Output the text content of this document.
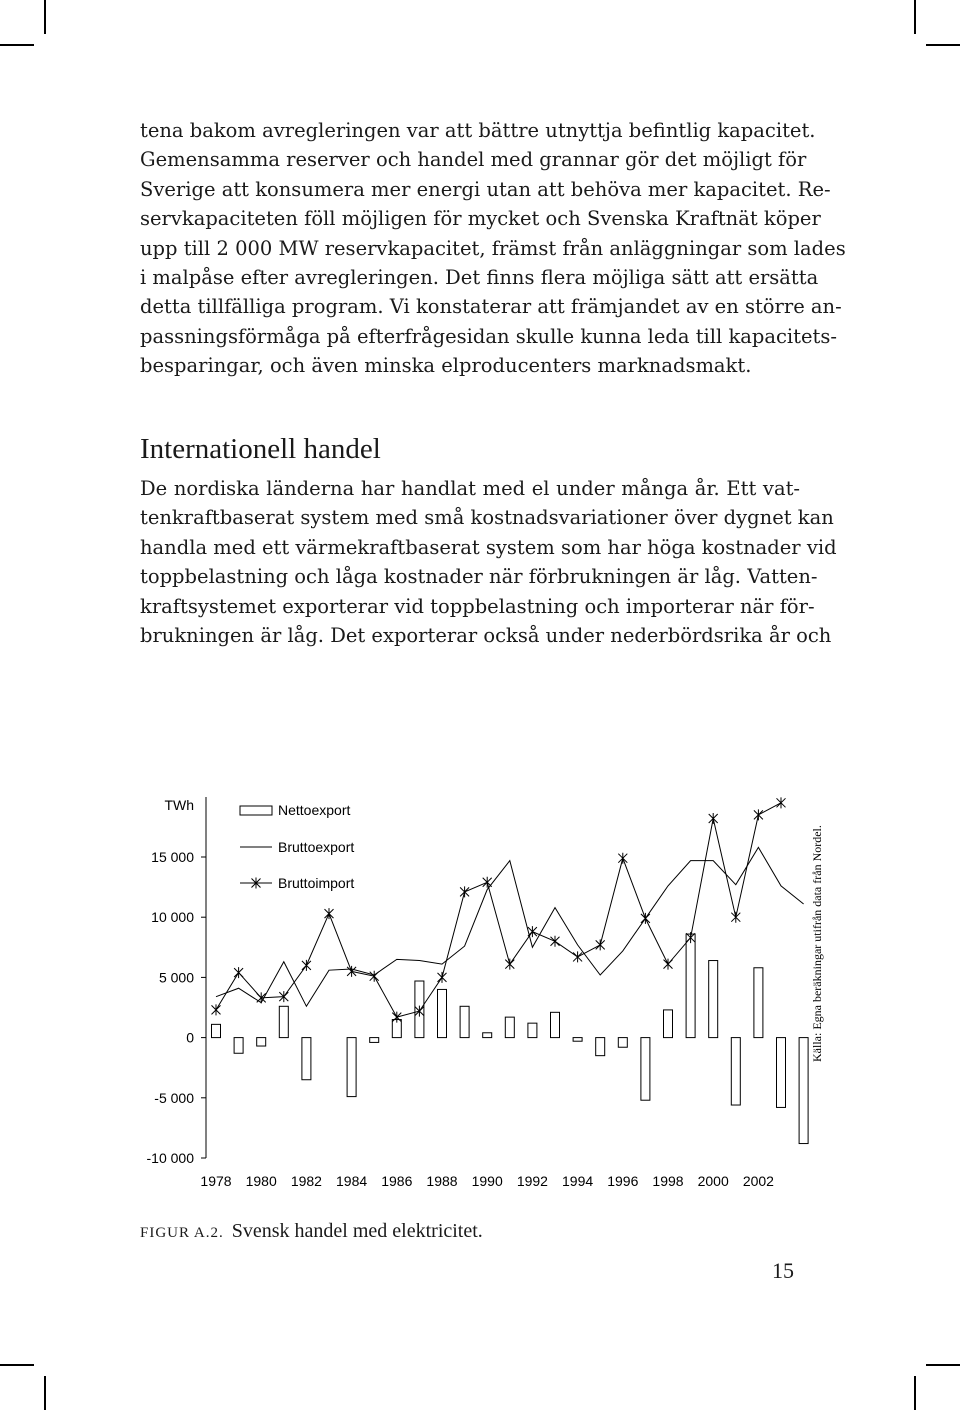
tena bakom avregleringen var att bättre utnyttja befintlig kapacitet.
Gemensamma reserver och handel med grannar gör det möjligt för
Sverige att konsumera mer energi utan att behöva mer kapacitet. Re-
servkapaciteten föll möjligen för mycket och Svenska Kraftnät köper
upp till 2 000 MW reservkapacitet, främst från anläggningar som lades
i malpåse efter avregleringen. Det finns flera möjliga sätt att ersätta
detta tillfälliga program. Vi konstaterar att främjandet av en större an-
passningsförmåga på efterfrågesidan skulle kunna leda till kapacitets-
besparingar, och även minska elproducenters marknadsmakt.

Internationell handel

De nordiska länderna har handlat med el under många år. Ett vat-
tenkraftbaserat system med små kostnadsvariationer över dygnet kan
handla med ett värmekraftbaserat system som har höga kostnader vid
toppbelastning och låga kostnader när förbrukningen är låg. Vatten-
kraftsystemet exporterar vid toppbelastning och importerar när för-
brukningen är låg. Det exporterar också under nederbördsrika år och

15 000
10 000
5 000
0
-5 000
-10 000
TWh
1978 1980 1982 1984 1986 1988 1990 1992 1994 1996 1998 2000 2002
Nettoexport
Bruttoexport
Bruttoimport	Källa: Egna beräkningar utifrån data från Nordel.
FIGUR A.2. Svensk handel med elektricitet.
15
